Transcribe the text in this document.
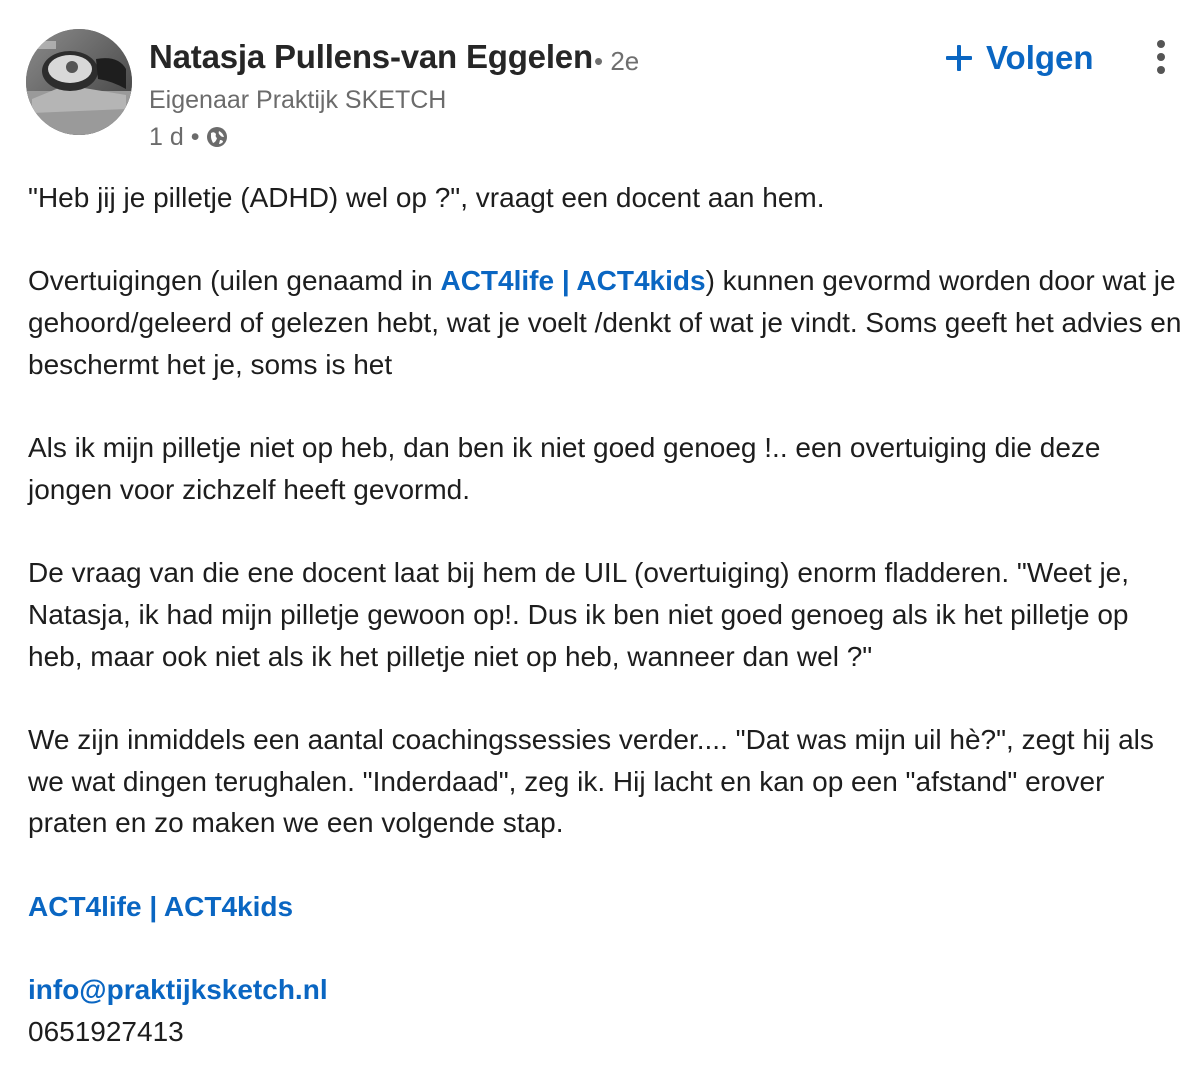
Natasja Pullens-van Eggelen • 2e
Eigenaar Praktijk SKETCH
1 d •
Volgen

"Heb jij je pilletje (ADHD) wel op ?", vraagt een docent aan hem.

Overtuigingen (uilen genaamd in ACT4life | ACT4kids) kunnen gevormd worden door wat je gehoord/geleerd of gelezen hebt, wat je voelt /denkt of wat je vindt. Soms geeft het advies en beschermt het je, soms is het

Als ik mijn pilletje niet op heb, dan ben ik niet goed genoeg !.. een overtuiging die deze jongen voor zichzelf heeft gevormd.

De vraag van die ene docent laat bij hem de UIL (overtuiging) enorm fladderen. "Weet je, Natasja, ik had mijn pilletje gewoon op!. Dus ik ben niet goed genoeg als ik het pilletje op heb, maar ook niet als ik het pilletje niet op heb, wanneer dan wel ?"

We zijn inmiddels een aantal coachingssessies verder.... "Dat was mijn uil hè?", zegt hij als we wat dingen terughalen. "Inderdaad", zeg ik. Hij lacht en kan op een "afstand" erover praten en zo maken we een volgende stap.

ACT4life | ACT4kids

info@praktijksketch.nl

0651927413
